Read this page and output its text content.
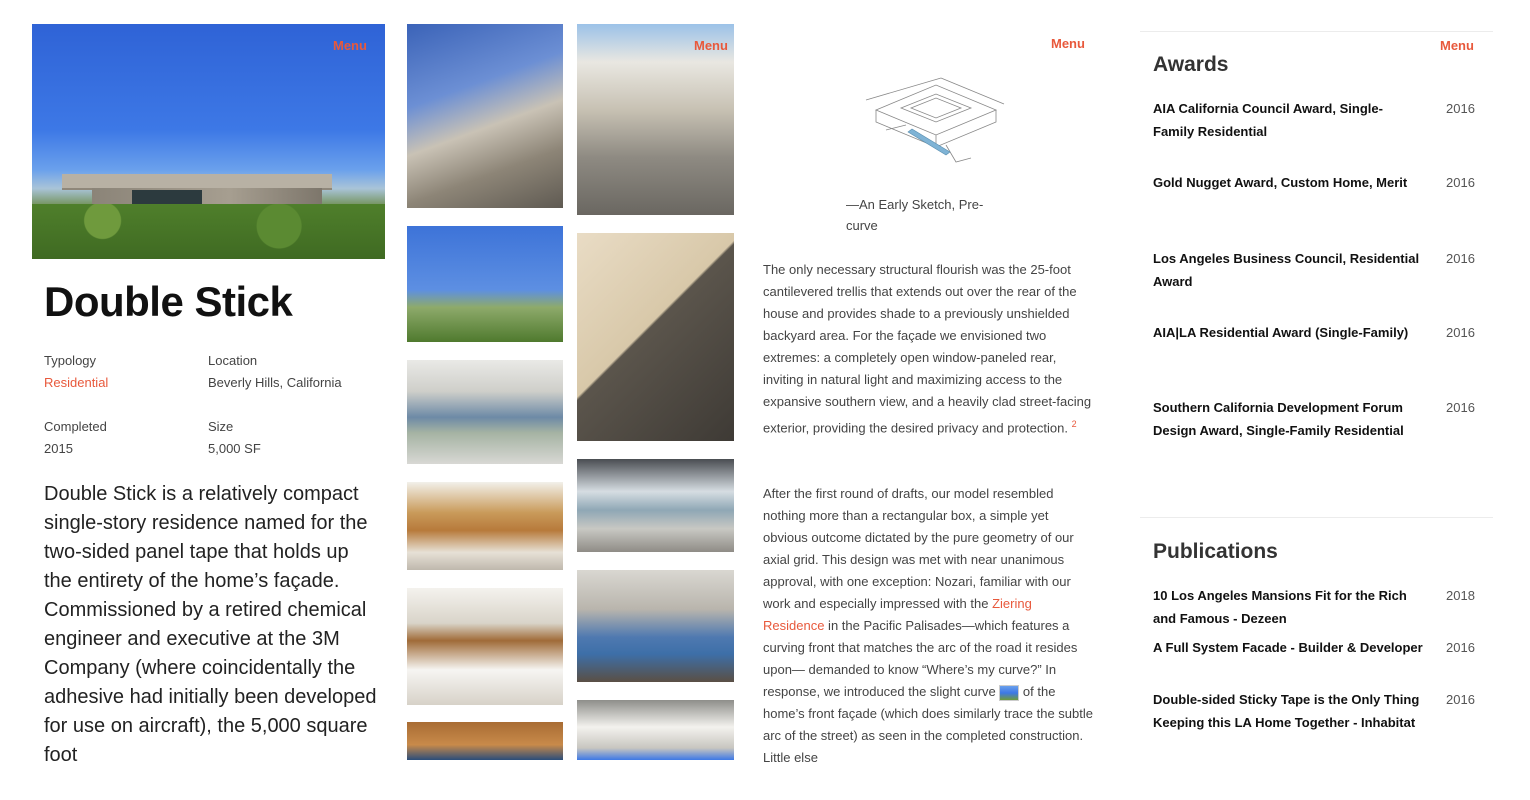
Double Stick
Typology
Residential
Location
Beverly Hills, California
Completed
2015
Size
5,000 SF

Double Stick is a relatively compact single-story residence named for the two-sided panel tape that holds up the entirety of the home’s façade. Commissioned by a retired chemical engineer and executive at the 3M Company (where coincidentally the adhesive had initially been developed for use on aircraft), the 5,000 square foot

Menu	Menu	Menu
—An Early Sketch, Pre-curve

The only necessary structural flourish was the 25-foot cantilevered trellis that extends out over the rear of the house and provides shade to a previously unshielded backyard area. For the façade we envisioned two extremes: a completely open window-paneled rear, inviting in natural light and maximizing access to the expansive southern view, and a heavily clad street-facing exterior, providing the desired privacy and protection. $^2$

After the first round of drafts, our model resembled nothing more than a rectangular box, a simple yet obvious outcome dictated by the pure geometry of our axial grid. This design was met with near unanimous approval, with one exception: Nozari, familiar with our work and especially impressed with the Ziering Residence in the Pacific Palisades—which features a curving front that matches the arc of the road it resides upon— demanded to know “Where’s my curve?” In response, we introduced the slight curve  of the home’s front façade (which does similarly trace the subtle arc of the street) as seen in the completed construction. Little else

Menu
Awards
AIA California Council Award, Single-Family Residential
2016
Gold Nugget Award, Custom Home, Merit	2016
Los Angeles Business Council, Residential Award
2016
AIA|LA Residential Award (Single-Family)	2016
Southern California Development Forum Design Award, Single-Family Residential
2016
Publications
10 Los Angeles Mansions Fit for the Rich and Famous - Dezeen
2018
A Full System Facade - Builder & Developer 2016
Double-sided Sticky Tape is the Only Thing Keeping this LA Home Together - Inhabitat
2016
